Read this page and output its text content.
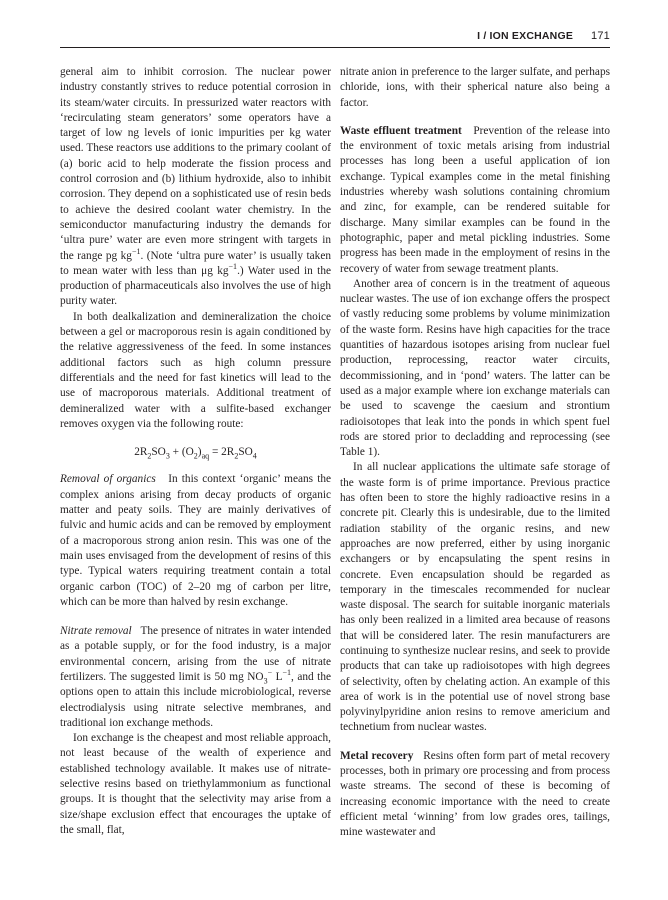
I / ION EXCHANGE 171

general aim to inhibit corrosion. The nuclear power industry constantly strives to reduce potential corrosion in its steam/water circuits. In pressurized water reactors with ‘recirculating steam generators’ some operators have a target of low ng levels of ionic impurities per kg water used. These reactors use additions to the primary coolant of (a) boric acid to help moderate the fission process and control corrosion and (b) lithium hydroxide, also to inhibit corrosion. They depend on a sophisticated use of resin beds to achieve the desired coolant water chemistry. In the semiconductor manufacturing industry the demands for ‘ultra pure’ water are even more stringent with targets in the range pg $kg^{-1}$. (Note ‘ultra pure water’ is usually taken to mean water with less than μg $kg^{-1}$.) Water used in the production of pharmaceuticals also involves the use of high purity water.

In both dealkalization and demineralization the choice between a gel or macroporous resin is again conditioned by the relative aggressiveness of the feed. In some instances additional factors such as high column pressure differentials and the need for fast kinetics will lead to the use of macroporous materials. Additional treatment of demineralized water with a sulfite-based exchanger removes oxygen via the following route:

$2R_2SO_3 + (O_2)_{aq} = 2R_2SO_4$

Removal of organics In this context ‘organic’ means the complex anions arising from decay products of organic matter and peaty soils. They are mainly derivatives of fulvic and humic acids and can be removed by employment of a macroporous strong anion resin. This was one of the main uses envisaged from the development of resins of this type. Typical waters requiring treatment contain a total organic carbon (TOC) of 2–20 mg of carbon per litre, which can be more than halved by resin exchange.

Nitrate removal The presence of nitrates in water intended as a potable supply, or for the food industry, is a major environmental concern, arising from the use of nitrate fertilizers. The suggested limit is 50 mg $NO_3^-$ $L^{-1}$, and the options open to attain this include microbiological, reverse electrodialysis using nitrate selective membranes, and traditional ion exchange methods.

Ion exchange is the cheapest and most reliable approach, not least because of the wealth of experience and established technology available. It makes use of nitrate-selective resins based on triethylammonium as functional groups. It is thought that the selectivity may arise from a size/shape exclusion effect that encourages the uptake of the small, flat,

nitrate anion in preference to the larger sulfate, and perhaps chloride, ions, with their spherical nature also being a factor.

Waste effluent treatment Prevention of the release into the environment of toxic metals arising from industrial processes has long been a useful application of ion exchange. Typical examples come in the metal finishing industries whereby wash solutions containing chromium and zinc, for example, can be rendered suitable for discharge. Many similar examples can be found in the photographic, paper and metal pickling industries. Some progress has been made in the employment of resins in the recovery of water from sewage treatment plants.

Another area of concern is in the treatment of aqueous nuclear wastes. The use of ion exchange offers the prospect of vastly reducing some problems by volume minimization of the waste form. Resins have high capacities for the trace quantities of hazardous isotopes arising from nuclear fuel production, reprocessing, reactor water circuits, decommissioning, and in ‘pond’ waters. The latter can be used as a major example where ion exchange materials can be used to scavenge the caesium and strontium radioisotopes that leak into the ponds in which spent fuel rods are stored prior to decladding and reprocessing (see Table 1).

In all nuclear applications the ultimate safe storage of the waste form is of prime importance. Previous practice has often been to store the highly radioactive resins in a concrete pit. Clearly this is undesirable, due to the limited radiation stability of the organic resins, and new approaches are now preferred, either by using inorganic exchangers or by encapsulating the spent resins in concrete. Even encapsulation should be regarded as temporary in the timescales recommended for nuclear waste disposal. The search for suitable inorganic materials has only been realized in a limited area because of reasons that will be considered later. The resin manufacturers are continuing to synthesize nuclear resins, and seek to provide products that can take up radioisotopes with high degrees of selectivity, often by chelating action. An example of this area of work is in the potential use of novel strong base polyvinylpyridine anion resins to remove americium and technetium from nuclear wastes.

Metal recovery Resins often form part of metal recovery processes, both in primary ore processing and from process waste streams. The second of these is becoming of increasing economic importance with the need to create efficient metal ‘winning’ from low grades ores, tailings, mine wastewater and
